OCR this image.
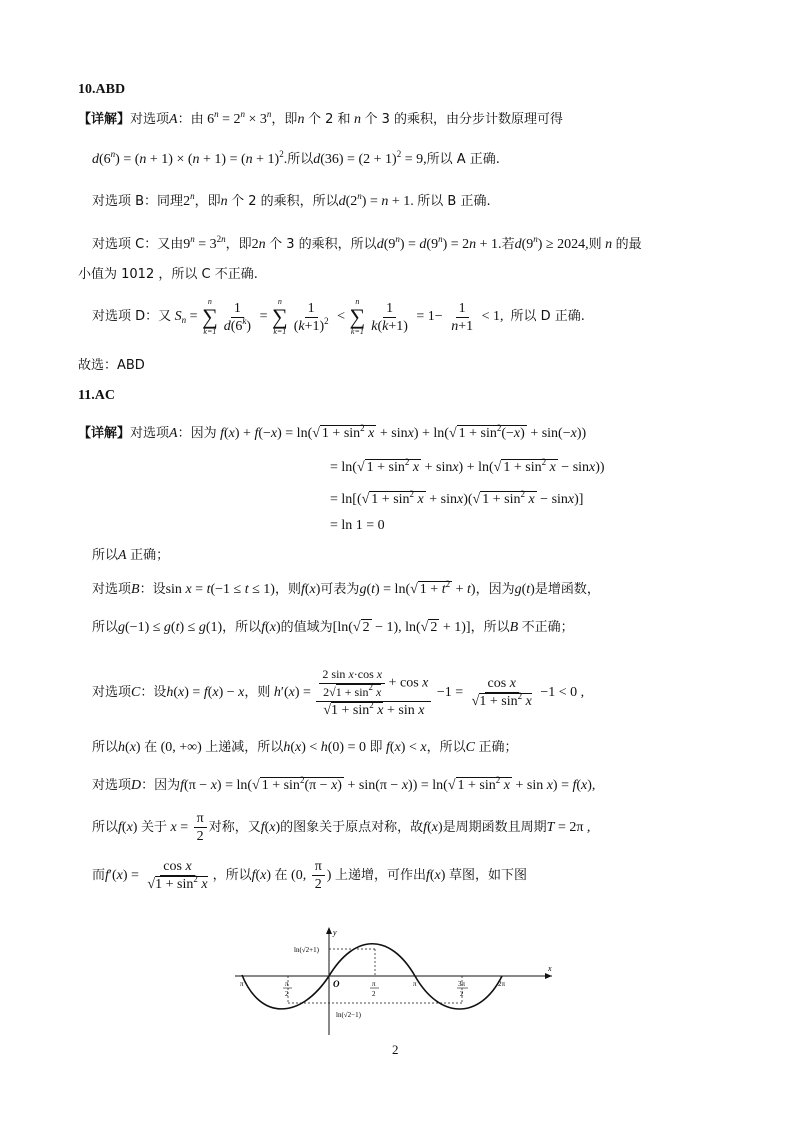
10.ABD
【详解】对选项A：由 $6^n = 2^n \times 3^n$，即n 个 2 和 n 个 3 的乘积，由分步计数原理可得
$d(6^n) = (n + 1) \times (n + 1) = (n + 1)^2$.所以$d(36) = (2 + 1)^2 = 9$,所以 A 正确.
对选项 B：同理2$^n$，即n 个 2 的乘积，所以$d(2^n) = n + 1$. 所以 B 正确.
对选项 C：又由$9^n = 3^{2n}$，即2n 个 3 的乘积，所以$d(9^n) = d(9^n) = 2n + 1$.若$d(9^n) \ge 2024$,则 n 的最
小值为 1012 ，所以 C 不正确.
对选项 D：又 $S_n$ =
n
∑
$k=1 \frac{1}{d(6^k)}$ =
n
∑
$k=1 \frac{1}{(k+1)^2}$ <
n
∑
$k=1 \frac{1}{k(k+1)} = 1- \frac{1}{n+1} < 1$,  所以 D 正确.
故选：ABD
11.AC
【详解】对选项A：因为 f(x) + f(−x) = ln(√ $1 + \sin^2 x + \sin x) + \ln(√$ $1 + \sin^2(-x) + \sin(-x)$)
= ln(√ $1 + \sin^2 x + \sin x) + \ln(√$ $1 + \sin^2 x - \sin x$))
= ln[(√ $1 + \sin^2 x + \sin x)(√$ $1 + \sin^2 x - \sin x$)]
= ln 1 = 0
所以A 正确；
对选项B：设sin x = t(−1 ≤ t ≤ 1)，则f(x)可表为g(t) = ln(√ $1 + t^2 + t$)，因为g(t)是增函数，
所以g(−1) ≤ g(t) ≤ g(1)，所以f(x)的值域为[ln(√ 2 − 1), ln(√ 2 + 1)]，所以B 不正确；
对选项C：设h(x) = f(x) − x，则 $h'(x) = \frac{\frac{\text{2 sin x·cos x}}{2√1 + \sin^2 x} + \cos x}{√1 + \sin^2 x + \sin x} -1 = \frac{\text{cos x}}{√1 + \sin^2 x} -1 < 0$ ,
所以h(x) 在 (0, +∞) 上递减，所以h(x) < h(0) = 0 即 f(x) < x，所以C 正确；
对选项D：因为f(π − x) = ln(√ $1 + \sin^2(\pi - x) + \sin(\pi - x)) = \ln(√$ $1 + \sin^2 x + \sin x) = f(x)$,
所以f(x) 关于 $x = \frac{\pi}{2}$ 对称，又f(x)的图象关于原点对称，故f(x)是周期函数且周期T = 2π ,
而$f'(x) = \frac{\text{cos x}}{√1 + \sin^2 x}$ ，所以f(x) 在 (0, $\frac{\pi}{2}$ ) 上递增，可作出f(x) 草图，如下图
y
x
O
ln(√2+1)
ln(√2−1)
π	π
2
π
2
π	3π
2
2π
2
